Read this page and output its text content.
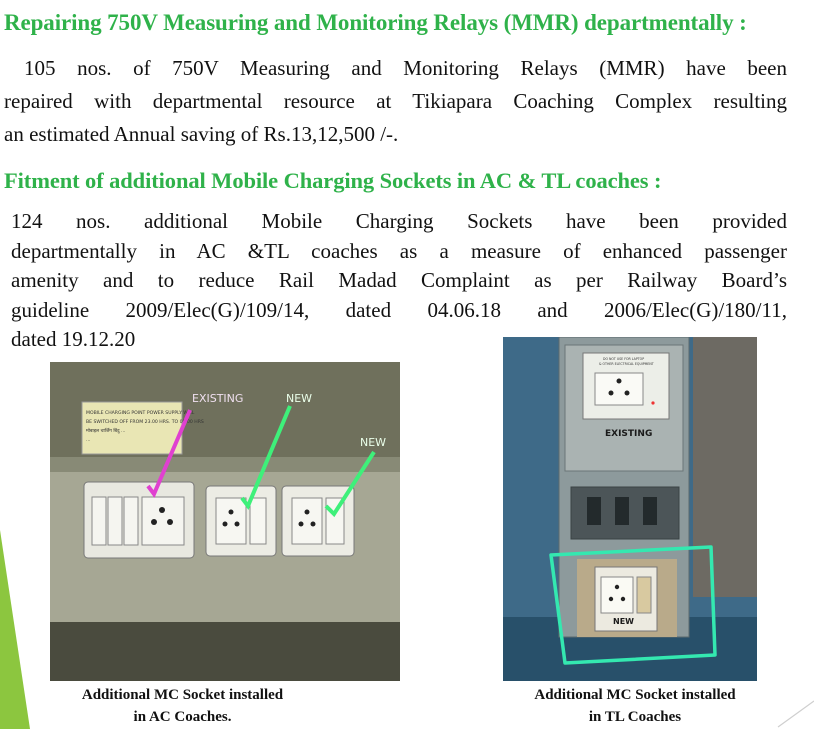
Repairing 750V Measuring and Monitoring Relays (MMR) departmentally :
105 nos. of 750V Measuring and Monitoring Relays (MMR) have been
repaired with departmental resource at Tikiapara Coaching Complex resulting
an estimated Annual saving of Rs.13,12,500 /-.
Fitment of additional Mobile Charging Sockets in AC & TL coaches :
124 nos. additional Mobile Charging Sockets have been provided
departmentally in AC &TL coaches as a measure of enhanced passenger
amenity and to reduce Rail Madad Complaint as per Railway Board’s
guideline 2009/Elec(G)/109/14, dated 04.06.18 and 2006/Elec(G)/180/11,
dated 19.12.20
MOBILE CHARGING POINT POWER SUPPLY WILL
BE SWITCHED OFF FROM 23.00 HRS. TO 05.00 HRS
मोबाइल चार्जिंग बिंदु ...
...
EXISTING	NEW
NEW
DO NOT USE FOR LAPTOP
& OTHER ELECTRICAL EQUIPMENT
EXISTING
NEW
Additional MC Socket installed
in AC Coaches.
Additional MC Socket installed
in TL Coaches
